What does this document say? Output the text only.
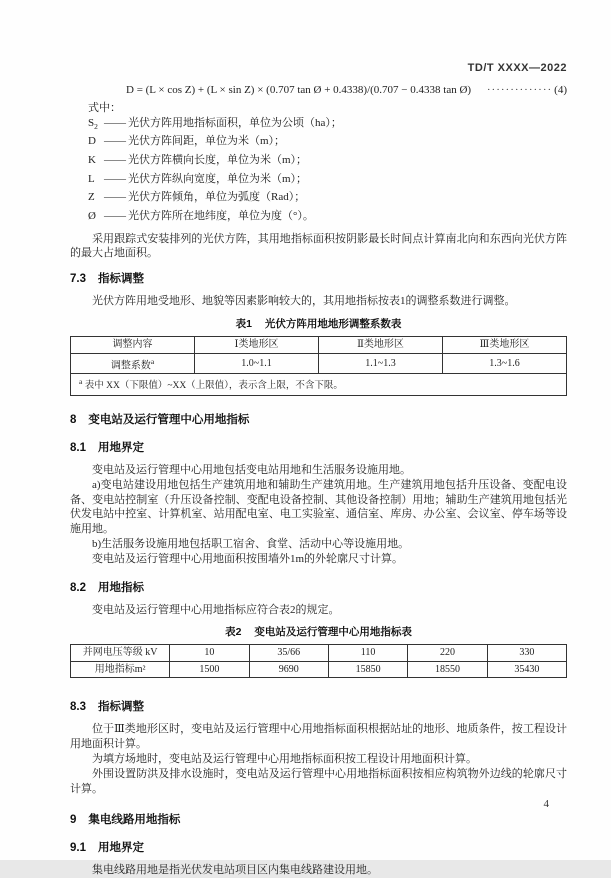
TD/T XXXX—2022
D = (L × cos Z) + (L × sin Z) × (0.707 tan Ø + 0.4338)/(0.707 − 0.4338 tan Ø)	·············· (4)
式中：
$S_2$ —— 光伏方阵用地指标面积，单位为公顷（ha）；
D —— 光伏方阵间距，单位为米（m）；
K —— 光伏方阵横向长度，单位为米（m）；
L —— 光伏方阵纵向宽度，单位为米（m）；
Z —— 光伏方阵倾角，单位为弧度（Rad）；
Ø —— 光伏方阵所在地纬度，单位为度（°）。

采用跟踪式安装排列的光伏方阵，其用地指标面积按阴影最长时间点计算南北向和东西向光伏方阵的最大占地面积。

7.3 指标调整

光伏方阵用地受地形、地貌等因素影响较大的，其用地指标按表1的调整系数进行调整。

表1 光伏方阵用地地形调整系数表
调整内容	Ⅰ类地形区	Ⅱ类地形区	Ⅲ类地形区
调整系数$^a$	1.0~1.1	1.1~1.3	1.3~1.6
$^a$ 表中 XX（下限值）~XX（上限值），表示含上限，不含下限。			
8 变电站及运行管理中心用地指标
8.1 用地界定

变电站及运行管理中心用地包括变电站用地和生活服务设施用地。

a)变电站建设用地包括生产建筑用地和辅助生产建筑用地。生产建筑用地包括升压设备、变配电设备、变电站控制室（升压设备控制、变配电设备控制、其他设备控制）用地；辅助生产建筑用地包括光伏发电站中控室、计算机室、站用配电室、电工实验室、通信室、库房、办公室、会议室、停车场等设施用地。

b)生活服务设施用地包括职工宿舍、食堂、活动中心等设施用地。

变电站及运行管理中心用地面积按围墙外1m的外轮廓尺寸计算。

8.2 用地指标

变电站及运行管理中心用地指标应符合表2的规定。

表2 变电站及运行管理中心用地指标表
并网电压等级 kV	10	35/66	110	220	330
用地指标m²	1500	9690	15850	18550	35430
8.3 指标调整

位于Ⅲ类地形区时，变电站及运行管理中心用地指标面积根据站址的地形、地质条件，按工程设计用地面积计算。

为填方场地时，变电站及运行管理中心用地指标面积按工程设计用地面积计算。

外围设置防洪及排水设施时，变电站及运行管理中心用地指标面积按相应构筑物外边线的轮廓尺寸计算。

9 集电线路用地指标
9.1 用地界定

集电线路用地是指光伏发电站项目区内集电线路建设用地。

4
